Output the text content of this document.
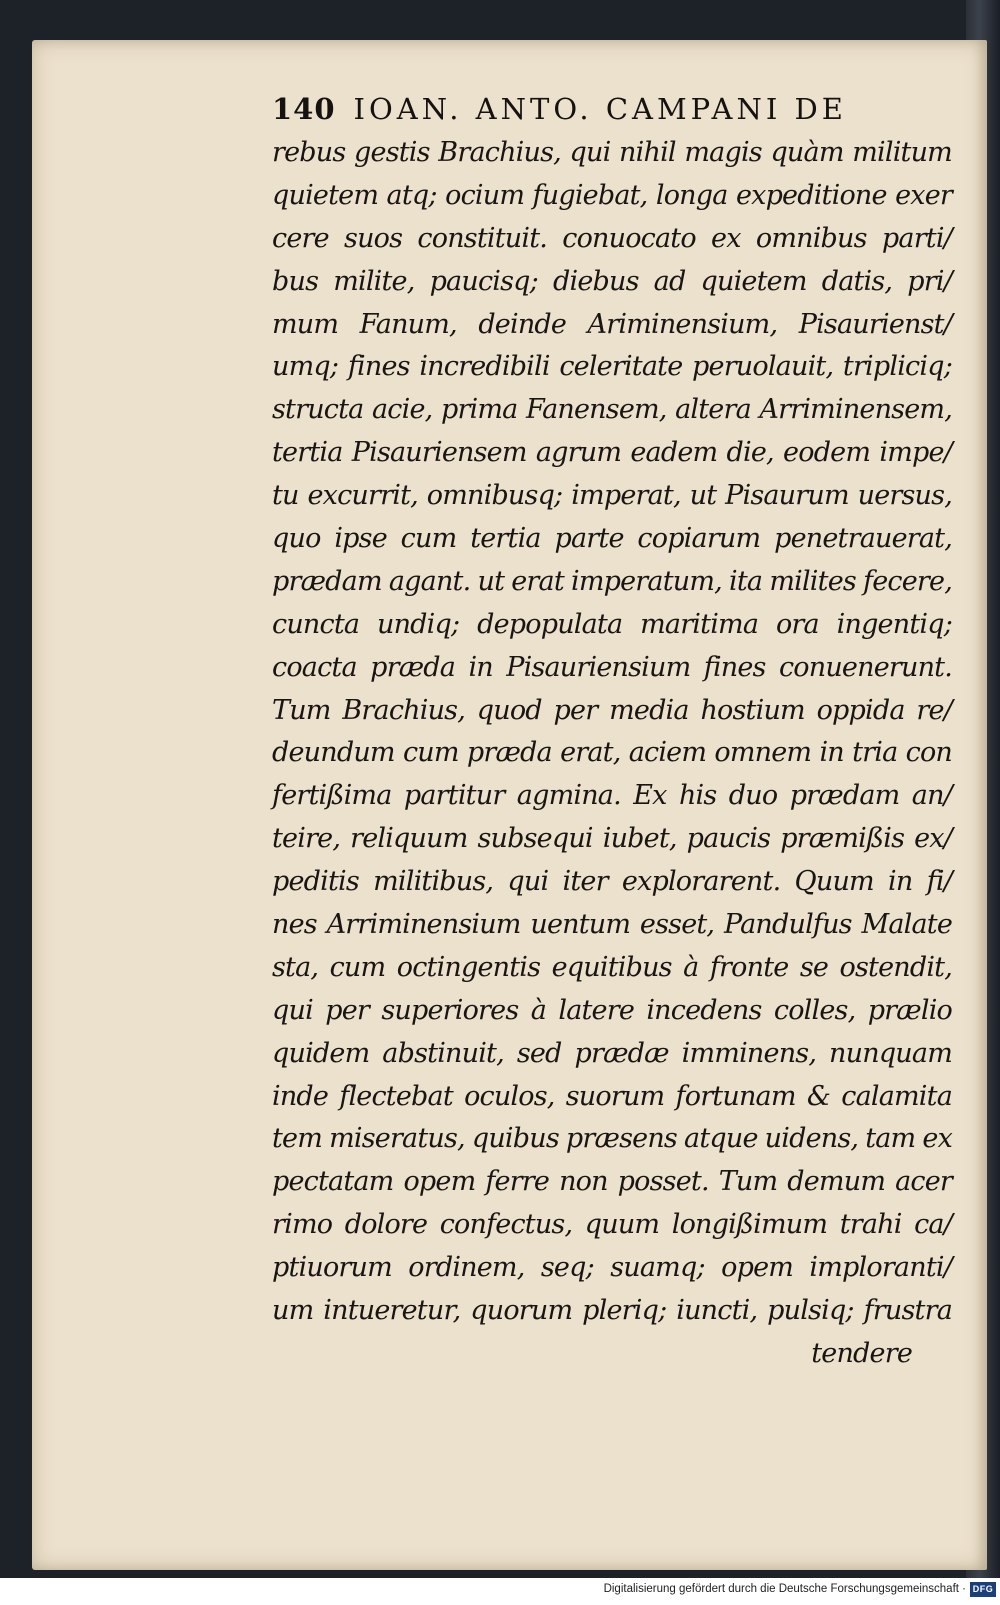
140 IOAN. ANTO. CAMPANI DE
rebus gestis Brachius, qui nihil magis quàm militum
quietem atq; ocium fugiebat, longa expeditione exer
cere suos constituit. conuocato ex omnibus parti/
bus milite, paucisq; diebus ad quietem datis, pri/
mum Fanum, deinde Ariminensium, Pisaurienst/
umq; fines incredibili celeritate peruolauit, tripliciq;
structa acie, prima Fanensem, altera Arriminensem,
tertia Pisauriensem agrum eadem die, eodem impe/
tu excurrit, omnibusq; imperat, ut Pisaurum uersus,
quo ipse cum tertia parte copiarum penetrauerat,
prædam agant. ut erat imperatum, ita milites fecere,
cuncta undiq; depopulata maritima ora ingentiq;
coacta præda in Pisauriensium fines conuenerunt.
Tum Brachius, quod per media hostium oppida re/
deundum cum præda erat, aciem omnem in tria con
fertißima partitur agmina. Ex his duo prædam an/
teire, reliquum subsequi iubet, paucis præmißis ex/
peditis militibus, qui iter explorarent. Quum in fi/
nes Arriminensium uentum esset, Pandulfus Malate
sta, cum octingentis equitibus à fronte se ostendit,
qui per superiores à latere incedens colles, prælio
quidem abstinuit, sed prædæ imminens, nunquam
inde flectebat oculos, suorum fortunam & calamita
tem miseratus, quibus præsens atque uidens, tam ex
pectatam opem ferre non posset. Tum demum acer
rimo dolore confectus, quum longißimum trahi ca/
ptiuorum ordinem, seq; suamq; opem imploranti/
um intueretur, quorum pleriq; iuncti, pulsiq; frustra
tendere
Digitalisierung gefördert durch die Deutsche Forschungsgemeinschaft · DFG
